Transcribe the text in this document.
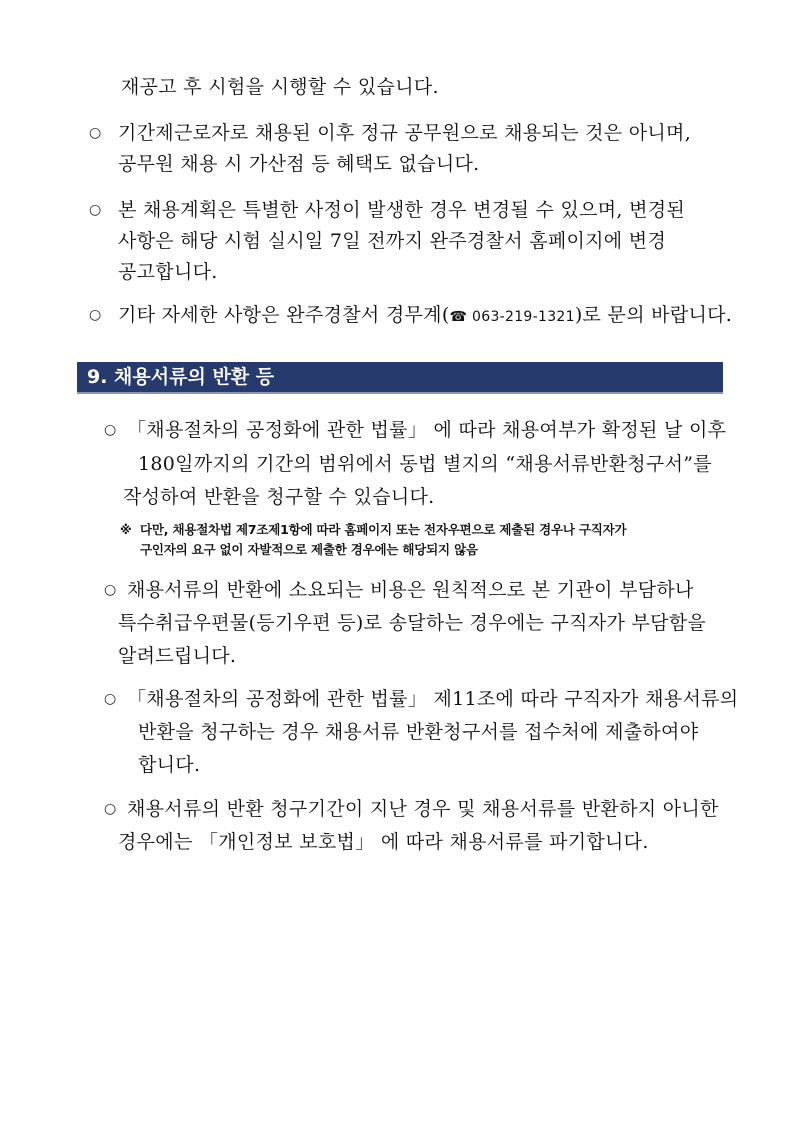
재공고 후 시험을 시행할 수 있습니다.
○ 기간제근로자로 채용된 이후 정규 공무원으로 채용되는 것은 아니며,
공무원 채용 시 가산점 등 혜택도 없습니다.
○ 본 채용계획은 특별한 사정이 발생한 경우 변경될 수 있으며, 변경된
사항은 해당 시험 실시일 7일 전까지 완주경찰서 홈페이지에 변경
공고합니다.
○ 기타 자세한 사항은 완주경찰서 경무계(☎ 063-219-1321)로 문의 바랍니다.
9. 채용서류의 반환 등
○ 「채용절차의 공정화에 관한 법률」 에 따라 채용여부가 확정된 날 이후
180일까지의 기간의 범위에서 동법 별지의 “채용서류반환청구서”를
작성하여 반환을 청구할 수 있습니다.
※ 다만, 채용절차법 제7조제1항에 따라 홈페이지 또는 전자우편으로 제출된 경우나 구직자가
구인자의 요구 없이 자발적으로 제출한 경우에는 해당되지 않음
○ 채용서류의 반환에 소요되는 비용은 원칙적으로 본 기관이 부담하나
특수취급우편물(등기우편 등)로 송달하는 경우에는 구직자가 부담함을
알려드립니다.
○ 「채용절차의 공정화에 관한 법률」 제11조에 따라 구직자가 채용서류의
반환을 청구하는 경우 채용서류 반환청구서를 접수처에 제출하여야
합니다.
○ 채용서류의 반환 청구기간이 지난 경우 및 채용서류를 반환하지 아니한
경우에는 「개인정보 보호법」 에 따라 채용서류를 파기합니다.
